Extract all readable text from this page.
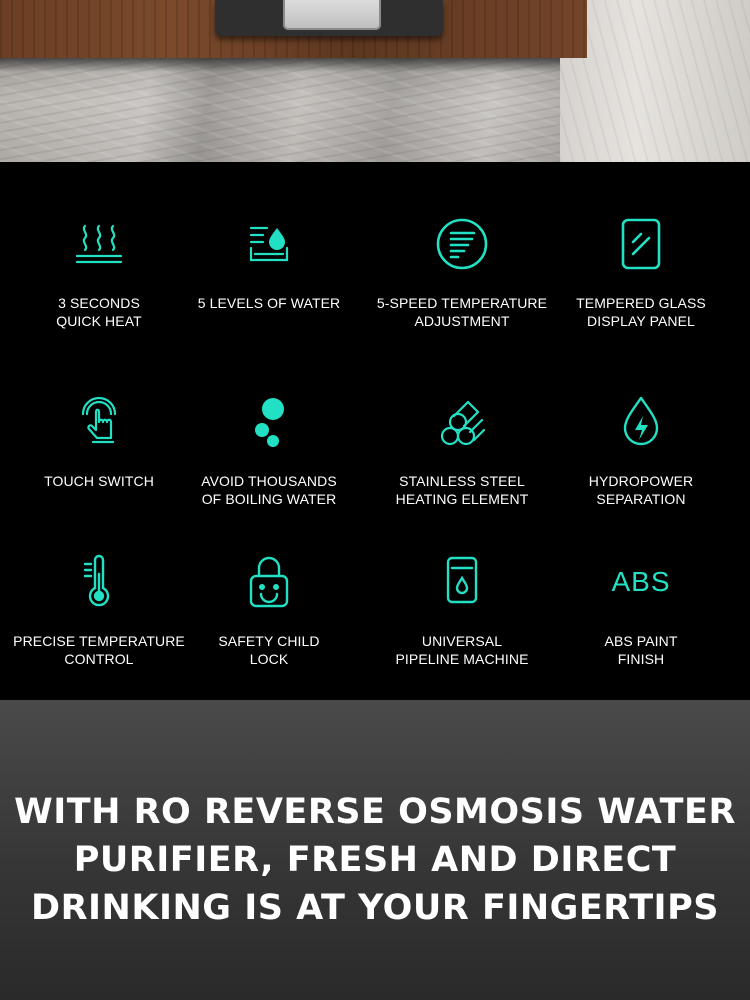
3 SECONDS
QUICK HEAT
5 LEVELS OF WATER	5-SPEED TEMPERATURE
ADJUSTMENT
TEMPERED GLASS
DISPLAY PANEL
TOUCH SWITCH	AVOID THOUSANDS
OF BOILING WATER
STAINLESS STEEL
HEATING ELEMENT
HYDROPOWER
SEPARATION
PRECISE TEMPERATURE
CONTROL
SAFETY CHILD
LOCK
UNIVERSAL
PIPELINE MACHINE
ABS
ABS PAINT
FINISH
WITH RO REVERSE OSMOSIS WATER
PURIFIER, FRESH AND DIRECT
DRINKING IS AT YOUR FINGERTIPS
